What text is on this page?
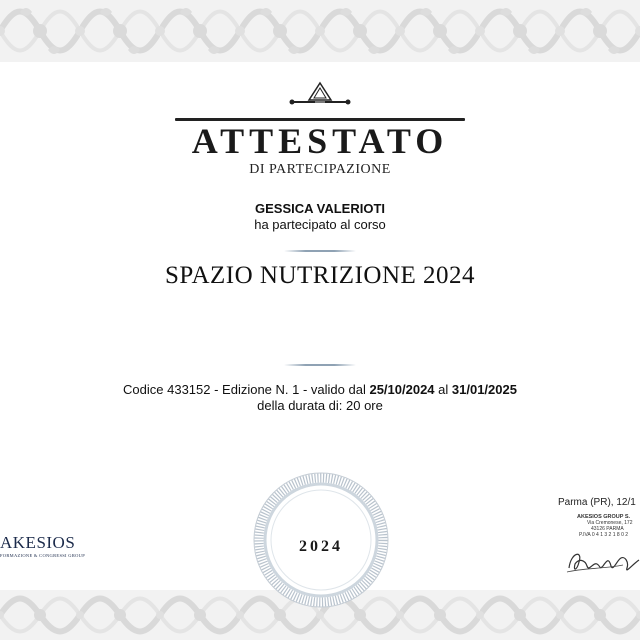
ATTESTATO
DI PARTECIPAZIONE
GESSICA VALERIOTI
ha partecipato al corso
SPAZIO NUTRIZIONE 2024
Codice 433152 - Edizione N. 1 - valido dal 25/10/2024 al 31/01/2025
della durata di: 20 ore
2024
AKESIOS
FORMAZIONE & CONGRESSI GROUP
Parma (PR), 12/1
AKESIOS GROUP S.
Via Cremonese, 172
43126 PARMA
P.IVA 0 4 1 3 2 1 8 0 2
